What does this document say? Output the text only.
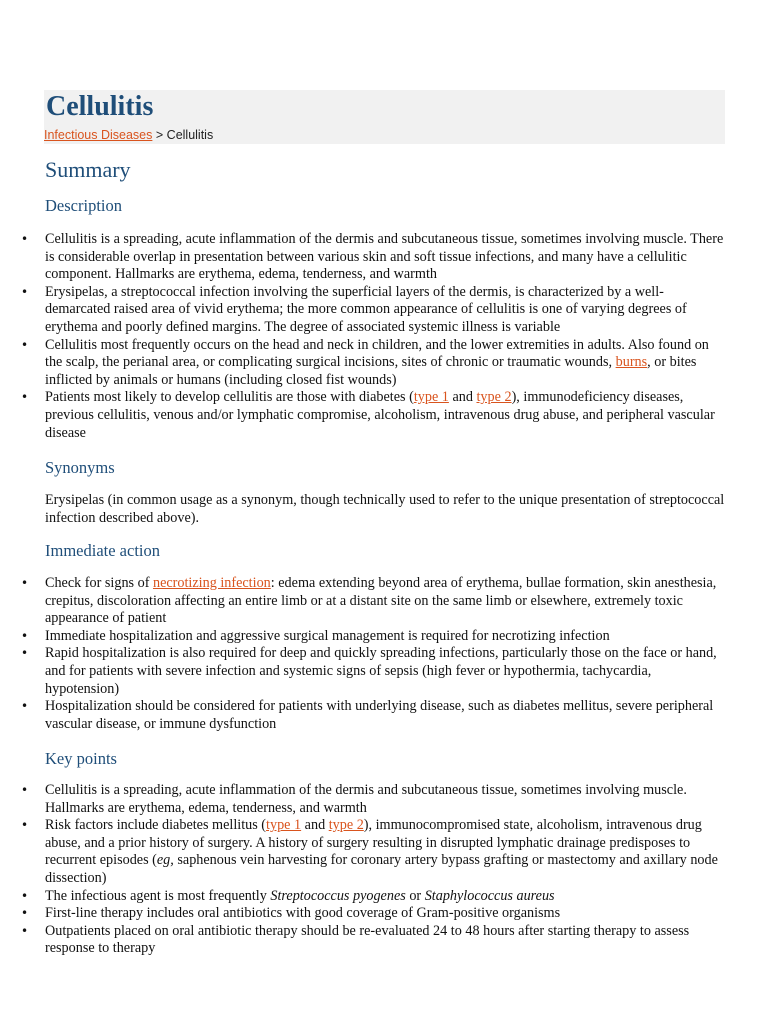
Cellulitis
Infectious Diseases > Cellulitis
Summary
Description
• Cellulitis is a spreading, acute inflammation of the dermis and subcutaneous tissue, sometimes involving muscle. There is considerable overlap in presentation between various skin and soft tissue infections, and many have a cellulitic component. Hallmarks are erythema, edema, tenderness, and warmth
• Erysipelas, a streptococcal infection involving the superficial layers of the dermis, is characterized by a well-demarcated raised area of vivid erythema; the more common appearance of cellulitis is one of varying degrees of erythema and poorly defined margins. The degree of associated systemic illness is variable
• Cellulitis most frequently occurs on the head and neck in children, and the lower extremities in adults. Also found on the scalp, the perianal area, or complicating surgical incisions, sites of chronic or traumatic wounds, burns, or bites inflicted by animals or humans (including closed fist wounds)
• Patients most likely to develop cellulitis are those with diabetes (type 1 and type 2), immunodeficiency diseases, previous cellulitis, venous and/or lymphatic compromise, alcoholism, intravenous drug abuse, and peripheral vascular disease
Synonyms

Erysipelas (in common usage as a synonym, though technically used to refer to the unique presentation of streptococcal infection described above).

Immediate action
• Check for signs of necrotizing infection: edema extending beyond area of erythema, bullae formation, skin anesthesia, crepitus, discoloration affecting an entire limb or at a distant site on the same limb or elsewhere, extremely toxic appearance of patient
• Immediate hospitalization and aggressive surgical management is required for necrotizing infection
• Rapid hospitalization is also required for deep and quickly spreading infections, particularly those on the face or hand, and for patients with severe infection and systemic signs of sepsis (high fever or hypothermia, tachycardia, hypotension)
• Hospitalization should be considered for patients with underlying disease, such as diabetes mellitus, severe peripheral vascular disease, or immune dysfunction
Key points
• Cellulitis is a spreading, acute inflammation of the dermis and subcutaneous tissue, sometimes involving muscle. Hallmarks are erythema, edema, tenderness, and warmth
• Risk factors include diabetes mellitus (type 1 and type 2), immunocompromised state, alcoholism, intravenous drug abuse, and a prior history of surgery. A history of surgery resulting in disrupted lymphatic drainage predisposes to recurrent episodes (eg, saphenous vein harvesting for coronary artery bypass grafting or mastectomy and axillary node dissection)
• The infectious agent is most frequently Streptococcus pyogenes or Staphylococcus aureus
• First-line therapy includes oral antibiotics with good coverage of Gram-positive organisms
• Outpatients placed on oral antibiotic therapy should be re-evaluated 24 to 48 hours after starting therapy to assess response to therapy
